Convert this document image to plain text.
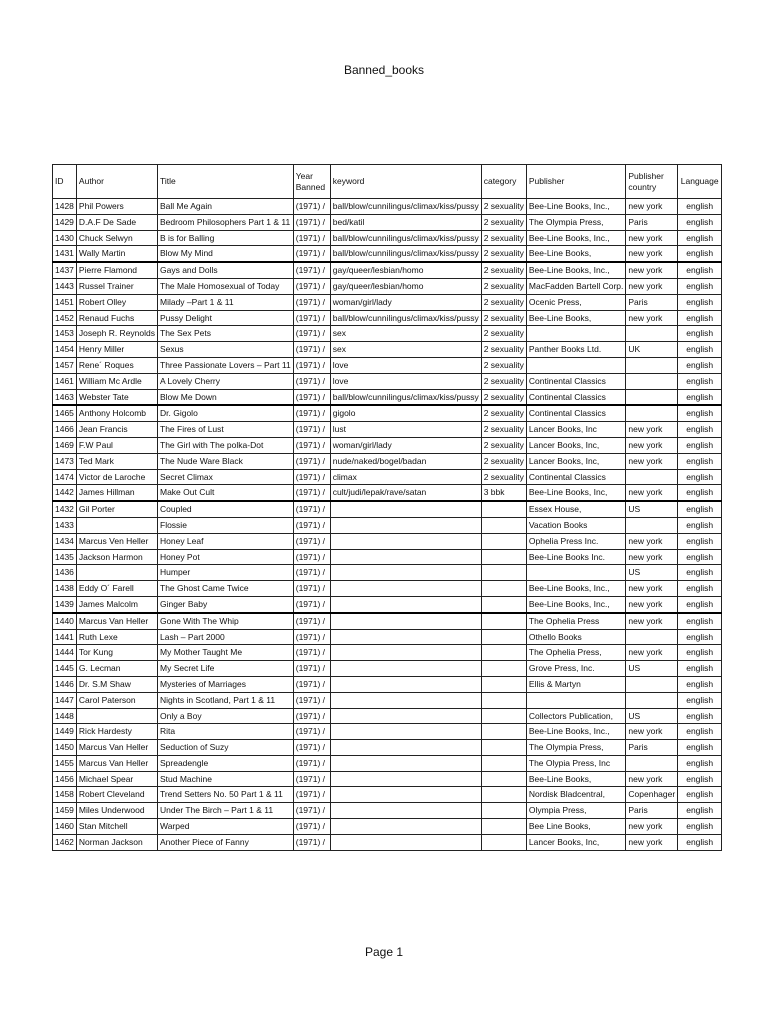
Banned_books
ID	Author	Title	Year Banned	keyword	category	Publisher	Publisher country	Language
1428	Phil Powers	Ball Me Again	(1971) /	ball/blow/cunnilingus/climax/kiss/pussy	2 sexuality	Bee-Line Books, Inc.,	new york	english
1429	D.A.F De Sade	Bedroom Philosophers Part 1 & 11	(1971) /	bed/katil	2 sexuality	The Olympia Press,	Paris	english
1430	Chuck Selwyn	B is for Balling	(1971) /	ball/blow/cunnilingus/climax/kiss/pussy	2 sexuality	Bee-Line Books, Inc.,	new york	english
1431	Wally Martin	Blow My Mind	(1971) /	ball/blow/cunnilingus/climax/kiss/pussy	2 sexuality	Bee-Line Books,	new york	english
1437	Pierre Flamond	Gays and Dolls	(1971) /	gay/queer/lesbian/homo	2 sexuality	Bee-Line Books, Inc.,	new york	english
1443	Russel Trainer	The Male Homosexual of Today	(1971) /	gay/queer/lesbian/homo	2 sexuality	MacFadden Bartell Corp.	new york	english
1451	Robert Olley	Milady –Part 1 & 11	(1971) /	woman/girl/lady	2 sexuality	Ocenic Press,	Paris	english
1452	Renaud Fuchs	Pussy Delight	(1971) /	ball/blow/cunnilingus/climax/kiss/pussy	2 sexuality	Bee-Line Books,	new york	english
1453	Joseph R. Reynolds	The Sex Pets	(1971) /	sex	2 sexuality			english
1454	Henry Miller	Sexus	(1971) /	sex	2 sexuality	Panther Books Ltd.	UK	english
1457	Rene´ Roques	Three Passionate Lovers – Part 11	(1971) /	love	2 sexuality			english
1461	William Mc Ardle	A Lovely Cherry	(1971) /	love	2 sexuality	Continental Classics		english
1463	Webster Tate	Blow Me Down	(1971) /	ball/blow/cunnilingus/climax/kiss/pussy	2 sexuality	Continental Classics		english
1465	Anthony Holcomb	Dr. Gigolo	(1971) /	gigolo	2 sexuality	Continental Classics		english
1466	Jean Francis	The Fires of Lust	(1971) /	lust	2 sexuality	Lancer Books, Inc	new york	english
1469	F.W Paul	The Girl with The polka-Dot	(1971) /	woman/girl/lady	2 sexuality	Lancer Books, Inc,	new york	english
1473	Ted Mark	The Nude Ware Black	(1971) /	nude/naked/bogel/badan	2 sexuality	Lancer Books, Inc,	new york	english
1474	Victor de Laroche	Secret Climax	(1971) /	climax	2 sexuality	Continental Classics		english
1442	James Hillman	Make Out Cult	(1971) /	cult/judi/lepak/rave/satan	3 bbk	Bee-Line Books, Inc,	new york	english
1432	Gil Porter	Coupled	(1971) /			Essex House,	US	english
1433		Flossie	(1971) /			Vacation Books		english
1434	Marcus Ven Heller	Honey Leaf	(1971) /			Ophelia Press Inc.	new york	english
1435	Jackson Harmon	Honey Pot	(1971) /			Bee-Line Books Inc.	new york	english
1436		Humper	(1971) /				US	english
1438	Eddy O´ Farell	The Ghost Came Twice	(1971) /			Bee-Line Books, Inc.,	new york	english
1439	James Malcolm	Ginger Baby	(1971) /			Bee-Line Books, Inc.,	new york	english
1440	Marcus Van Heller	Gone With The Whip	(1971) /			The Ophelia Press	new york	english
1441	Ruth Lexe	Lash – Part 2000	(1971) /			Othello Books		english
1444	Tor Kung	My Mother Taught Me	(1971) /			The Ophelia Press,	new york	english
1445	G. Lecman	My Secret Life	(1971) /			Grove Press, Inc.	US	english
1446	Dr. S.M Shaw	Mysteries of Marriages	(1971) /			Ellis & Martyn		english
1447	Carol Paterson	Nights in Scotland, Part 1 & 11	(1971) /					english
1448		Only a Boy	(1971) /			Collectors Publication,	US	english
1449	Rick Hardesty	Rita	(1971) /			Bee-Line Books, Inc.,	new york	english
1450	Marcus Van Heller	Seduction of Suzy	(1971) /			The Olympia Press,	Paris	english
1455	Marcus Van Heller	Spreadengle	(1971) /			The Olypia Press, Inc		english
1456	Michael Spear	Stud Machine	(1971) /			Bee-Line Books,	new york	english
1458	Robert Cleveland	Trend Setters No. 50 Part 1 & 11	(1971) /			Nordisk Bladcentral,	Copenhager	english
1459	Miles Underwood	Under The Birch – Part 1 & 11	(1971) /			Olympia Press,	Paris	english
1460	Stan Mitchell	Warped	(1971) /			Bee Line Books,	new york	english
1462	Norman Jackson	Another Piece of Fanny	(1971) /			Lancer Books, Inc,	new york	english
Page 1
